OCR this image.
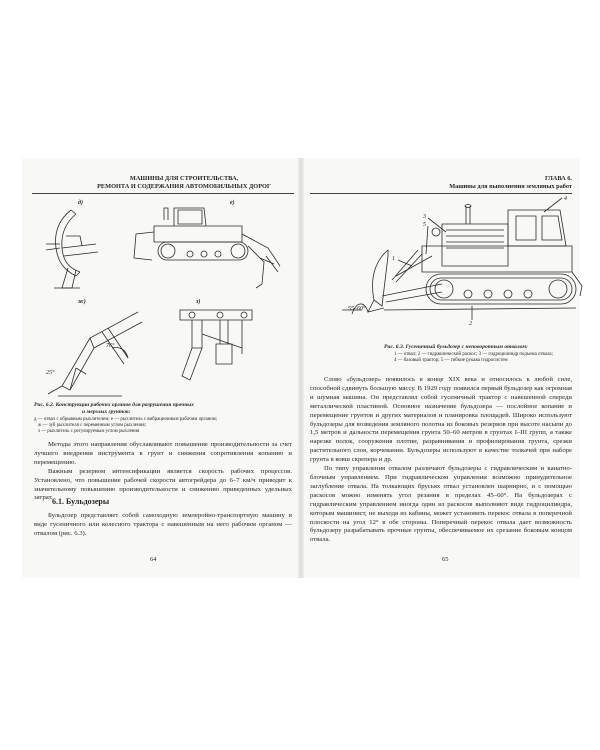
МАШИНЫ ДЛЯ СТРОИТЕЛЬСТВА,
РЕМОНТА И СОДЕРЖАНИЯ АВТОМОБИЛЬНЫХ ДОРОГ
д)	е)
ж)	з)
25°
76°
Рис. 6.2. Конструкции рабочих органов для разрушения прочных
и мерзлых грунтов:
д — отвал с обрывным рыхлителем; е — рыхлитель с вибрационным рабочим органом;
ж — зуб рыхлителя с переменным углом рыхления;
з — рыхлитель с регулируемым углом рыхления

Методы этого направления обуславливают повышение производительности за счет лучшего внедрения инструмента в грунт и снижения сопротивления копанию и перемещению.

Важным резервом интенсификации является скорость рабочих процессов. Установлено, что повышение рабочей скорости автогрейдера до 6–7 км/ч приводит к значительному повышению производительности и снижению приведенных удельных затрат. 6.1. Бульдозеры

Бульдозер представляет собой самоходную землеройно-транспортную машину в виде гусеничного или колесного трактора с навешенным на него рабочим органом — отвалом (рис. 6.3).

64
ГЛАВА 6.
Машины для выполнения земляных работ
3
5
4
1
2
55–60°
Рис. 6.3. Гусеничный бульдозер с неповоротным отвалом:
1 — отвал; 2 — гидравлический раскос; 3 — гидроцилиндр подъема отвала;
4 — базовый трактор; 5 — гибкие рукава гидросистем

Слово «бульдозер» появилось в конце XIX века и относилось к любой силе, способной сдвинуть большую массу. В 1929 году появился первый бульдозер как огромная и шумная машина. Он представлял собой гусеничный трактор с навешенной спереди металлической пластиной. Основное назначение бульдозера — послойное копание и перемещение грунтов и других материалов и планировка площадей. Широко используют бульдозеры для возведения земляного полотна из боковых резервов при высоте насыпи до 1,5 метров и дальности перемещения грунта 50–60 метров в грунтах I–III групп, а также нарезке полок, сооружения плотин, разравнивания и профилирования грунта, срезки растительного слоя, корчевании. Бульдозеры используют в качестве толкачей при наборе грунта в ковш скрепера и др.

По типу управления отвалом различают бульдозеры с гидравлическим и канатно-блочным управлением. При гидравлическом управлении возможно принудительное заглубление отвала. На толкающих брусьях отвал установлен шарнирно, и с помощью раскосов можно изменять угол резания в пределах 45–60°. На бульдозерах с гидравлическим управлением иногда один из раскосов выполняют виде гидроцилиндра, которым машинист, не выходя из кабины, может установить перекос отвала в поперечной плоскости на угол 12° в обе стороны. Поперечный перекос отвала дает возможность бульдозеру разрабатывать прочные грунты, обеспечиваемое их срезание боковым концом отвала.

65
